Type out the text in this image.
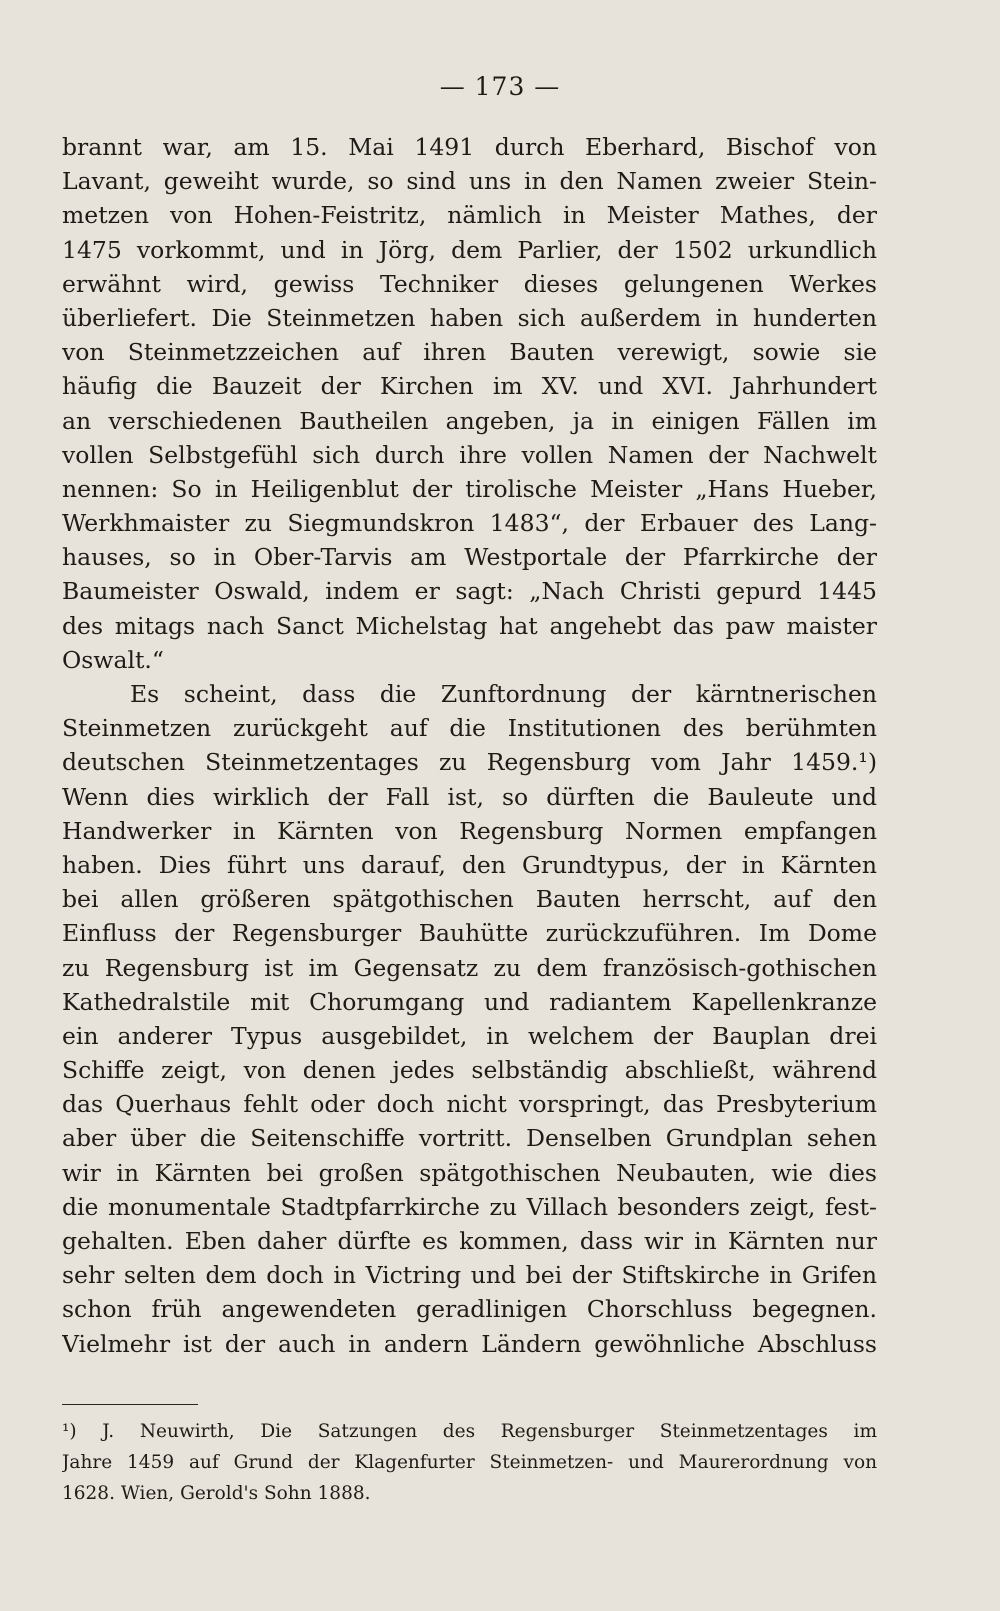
— 173 —
brannt war, am 15. Mai 1491 durch Eberhard, Bischof von
Lavant, geweiht wurde, so sind uns in den Namen zweier Stein-
metzen von Hohen-Feistritz, nämlich in Meister Mathes, der
1475 vorkommt, und in Jörg, dem Parlier, der 1502 urkundlich
erwähnt wird, gewiss Techniker dieses gelungenen Werkes
überliefert. Die Steinmetzen haben sich außerdem in hunderten
von Steinmetzzeichen auf ihren Bauten verewigt, sowie sie
häufig die Bauzeit der Kirchen im XV. und XVI. Jahrhundert
an verschiedenen Bautheilen angeben, ja in einigen Fällen im
vollen Selbstgefühl sich durch ihre vollen Namen der Nachwelt
nennen: So in Heiligenblut der tirolische Meister „Hans Hueber,
Werkhmaister zu Siegmundskron 1483“, der Erbauer des Lang-
hauses, so in Ober-Tarvis am Westportale der Pfarrkirche der
Baumeister Oswald, indem er sagt: „Nach Christi gepurd 1445
des mitags nach Sanct Michelstag hat angehebt das paw maister
Oswalt.“
Es scheint, dass die Zunftordnung der kärntnerischen
Steinmetzen zurückgeht auf die Institutionen des berühmten
deutschen Steinmetzentages zu Regensburg vom Jahr 1459.¹)
Wenn dies wirklich der Fall ist, so dürften die Bauleute und
Handwerker in Kärnten von Regensburg Normen empfangen
haben. Dies führt uns darauf, den Grundtypus, der in Kärnten
bei allen größeren spätgothischen Bauten herrscht, auf den
Einfluss der Regensburger Bauhütte zurückzuführen. Im Dome
zu Regensburg ist im Gegensatz zu dem französisch-gothischen
Kathedralstile mit Chorumgang und radiantem Kapellenkranze
ein anderer Typus ausgebildet, in welchem der Bauplan drei
Schiffe zeigt, von denen jedes selbständig abschließt, während
das Querhaus fehlt oder doch nicht vorspringt, das Presbyterium
aber über die Seitenschiffe vortritt. Denselben Grundplan sehen
wir in Kärnten bei großen spätgothischen Neubauten, wie dies
die monumentale Stadtpfarrkirche zu Villach besonders zeigt, fest-
gehalten. Eben daher dürfte es kommen, dass wir in Kärnten nur
sehr selten dem doch in Victring und bei der Stiftskirche in Grifen
schon früh angewendeten geradlinigen Chorschluss begegnen.
Vielmehr ist der auch in andern Ländern gewöhnliche Abschluss
¹) J. Neuwirth, Die Satzungen des Regensburger Steinmetzentages im
Jahre 1459 auf Grund der Klagenfurter Steinmetzen- und Maurerordnung von
1628. Wien, Gerold's Sohn 1888.
